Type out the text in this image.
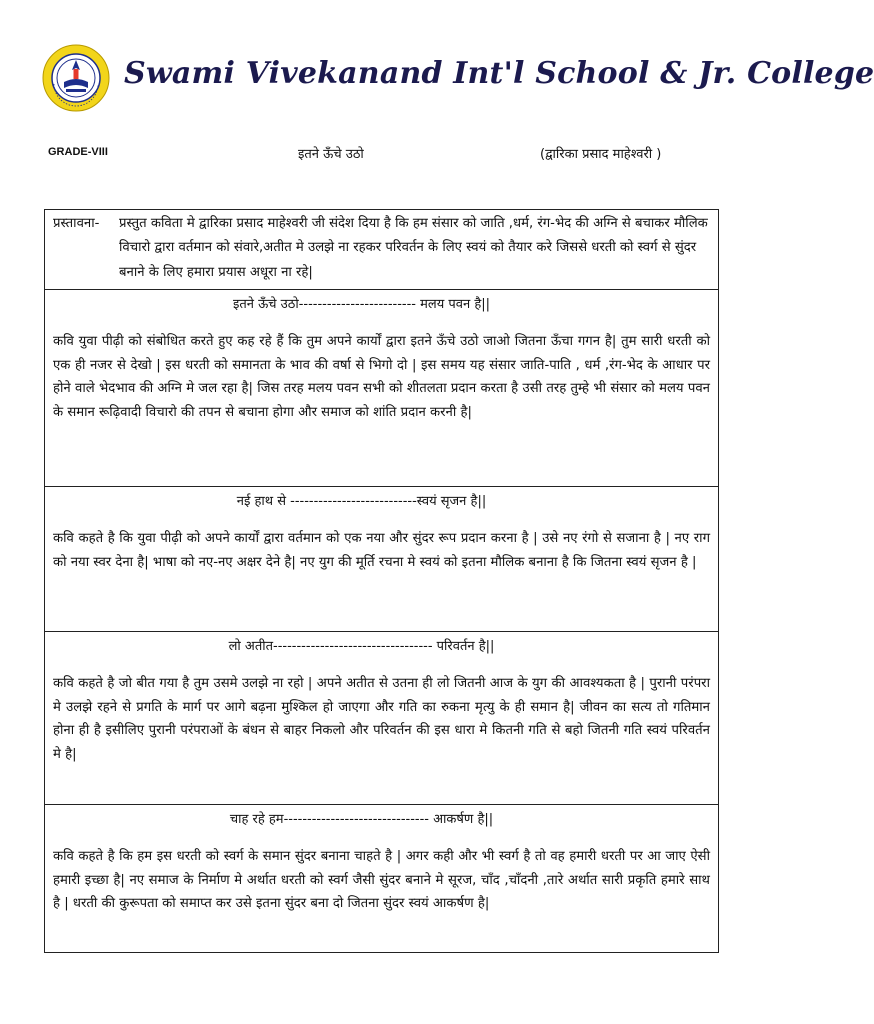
Swami Vivekanand Int'l School & Jr. College
GRADE-VIII	इतने ऊँचे उठो	(द्वारिका प्रसाद माहेश्वरी )
प्रस्तावना-	प्रस्तुत कविता मे द्वारिका प्रसाद माहेश्वरी जी संदेश दिया है कि हम संसार को जाति ,धर्म, रंग-भेद की अग्नि से बचाकर मौलिक विचारो द्वारा वर्तमान को संवारे,अतीत मे उलझे ना रहकर परिवर्तन के लिए स्वयं को तैयार करे जिससे धरती को स्वर्ग से सुंदर बनाने के लिए हमारा प्रयास अधूरा ना रहे|
इतने ऊँचे उठो------------------------- मलय पवन है||

कवि युवा पीढ़ी को संबोधित करते हुए कह रहे हैं कि तुम अपने कार्यों द्वारा इतने ऊँचे उठो जाओ जितना ऊँचा गगन है| तुम सारी धरती को एक ही नजर से देखो | इस धरती को समानता के भाव की वर्षा से भिगो दो | इस समय यह संसार जाति-पाति , धर्म ,रंग-भेद के आधार पर होने वाले भेदभाव की अग्नि मे जल रहा है| जिस तरह मलय पवन सभी को शीतलता प्रदान करता है उसी तरह तुम्हे भी संसार को मलय पवन के समान रूढ़िवादी विचारो की तपन से बचाना होगा और समाज को शांति प्रदान करनी है|

नई हाथ से ---------------------------स्वयं सृजन है||

कवि कहते है कि युवा पीढ़ी को अपने कार्यों द्वारा वर्तमान को एक नया और सुंदर रूप प्रदान करना है | उसे नए रंगो से सजाना है | नए राग को नया स्वर देना है| भाषा को नए-नए अक्षर देने है| नए युग की मूर्ति रचना मे स्वयं को इतना मौलिक बनाना है कि जितना स्वयं सृजन है |

लो अतीत---------------------------------- परिवर्तन है||

कवि कहते है जो बीत गया है तुम उसमे उलझे ना रहो | अपने अतीत से उतना ही लो जितनी आज के युग की आवश्यकता है | पुरानी परंपरा मे उलझे रहने से प्रगति के मार्ग पर आगे बढ़ना मुश्किल हो जाएगा और गति का रुकना मृत्यु के ही समान है| जीवन का सत्य तो गतिमान होना ही है इसीलिए पुरानी परंपराओं के बंधन से बाहर निकलो और परिवर्तन की इस धारा मे कितनी गति से बहो जितनी गति स्वयं परिवर्तन मे है|

चाह रहे हम------------------------------- आकर्षण है||

कवि कहते है कि हम इस धरती को स्वर्ग के समान सुंदर बनाना चाहते है | अगर कही और भी स्वर्ग है तो वह हमारी धरती पर आ जाए ऐसी हमारी इच्छा है| नए समाज के निर्माण मे अर्थात धरती को स्वर्ग जैसी सुंदर बनाने मे सूरज, चाँद ,चाँदनी ,तारे अर्थात सारी प्रकृति हमारे साथ है | धरती की कुरूपता को समाप्त कर उसे इतना सुंदर बना दो जितना सुंदर स्वयं आकर्षण है|
